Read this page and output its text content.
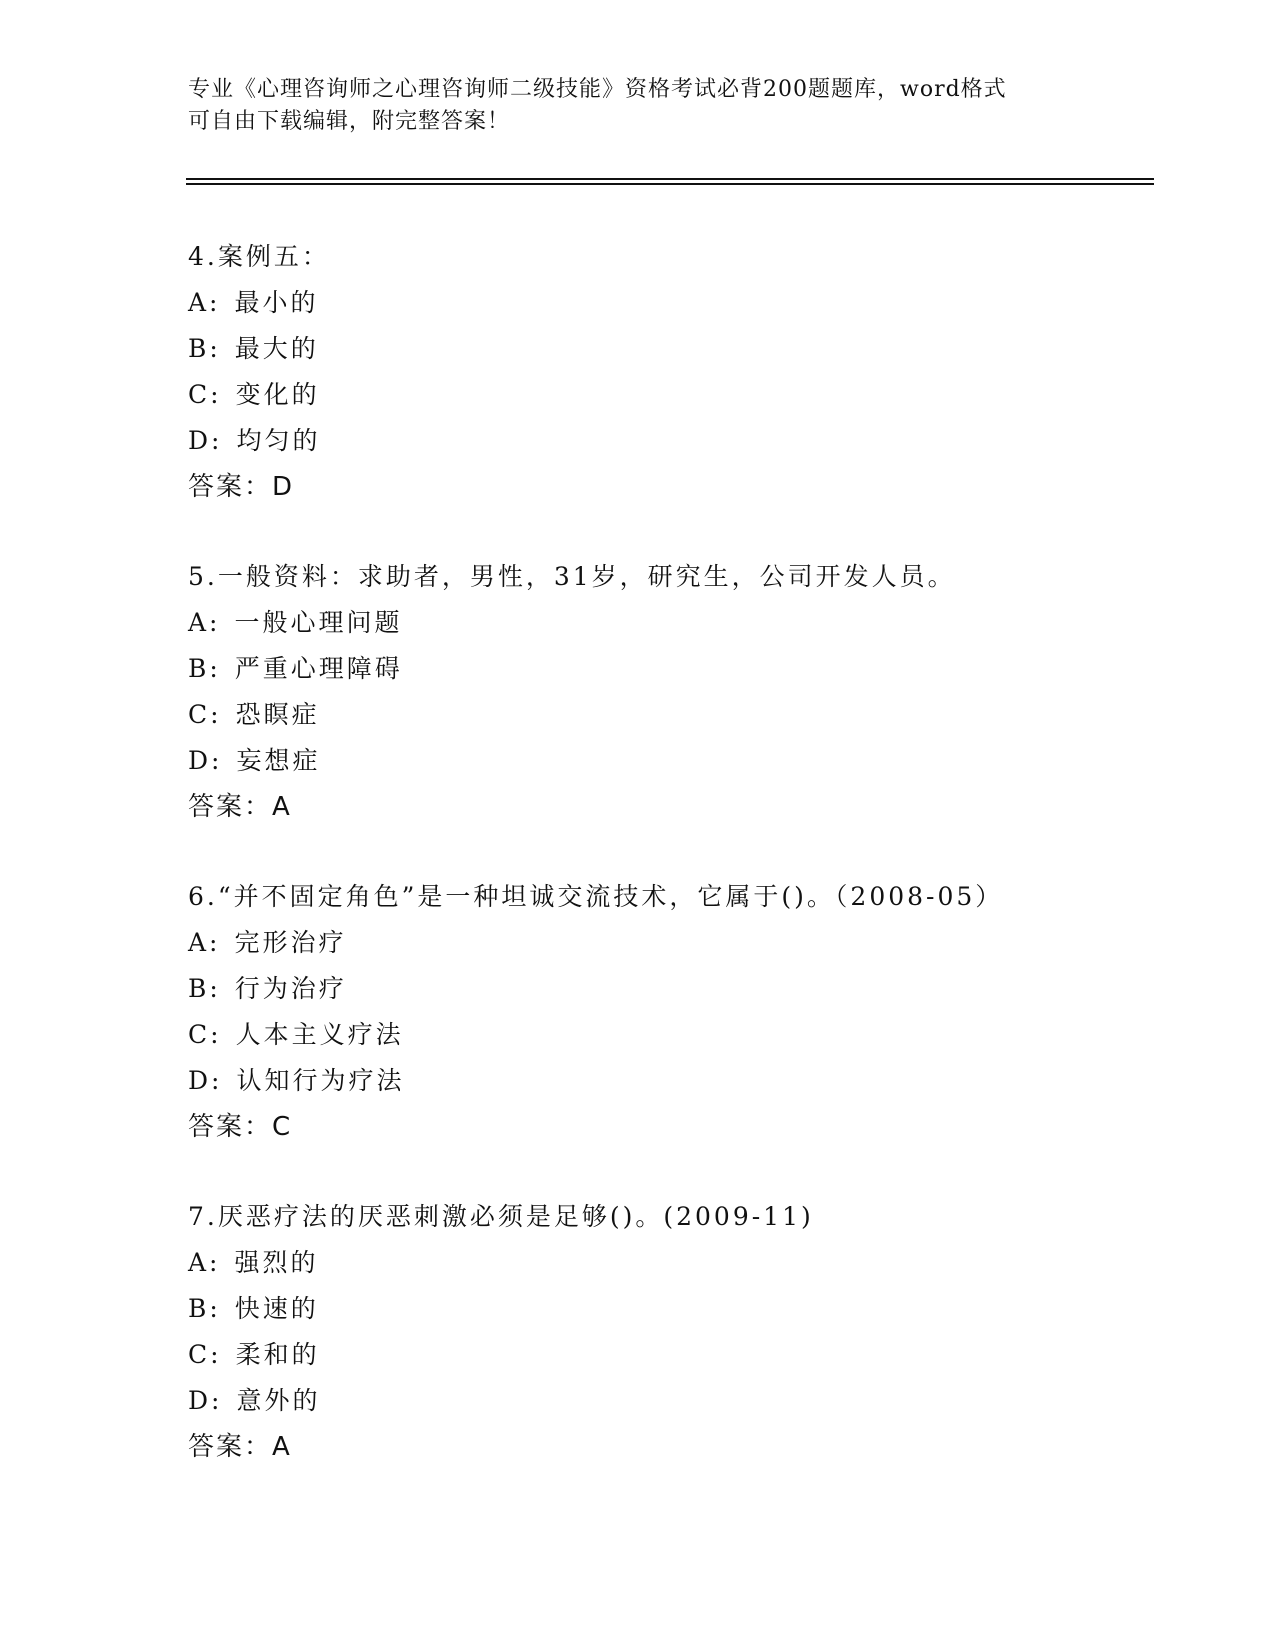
专业《心理咨询师之心理咨询师二级技能》资格考试必背200题题库，word格式
可自由下载编辑，附完整答案！
4.案例五：
A: 最小的
B: 最大的
C: 变化的
D: 均匀的
答案：D
5.一般资料：求助者，男性，31岁，研究生，公司开发人员。
A: 一般心理问题
B: 严重心理障碍
C: 恐瞑症
D: 妄想症
答案：A
6.“并不固定角色”是一种坦诚交流技术，它属于()。（2008-05）
A: 完形治疗
B: 行为治疗
C: 人本主义疗法
D: 认知行为疗法
答案：C
7.厌恶疗法的厌恶刺激必须是足够()。(2009-11)
A: 强烈的
B: 快速的
C: 柔和的
D: 意外的
答案：A
